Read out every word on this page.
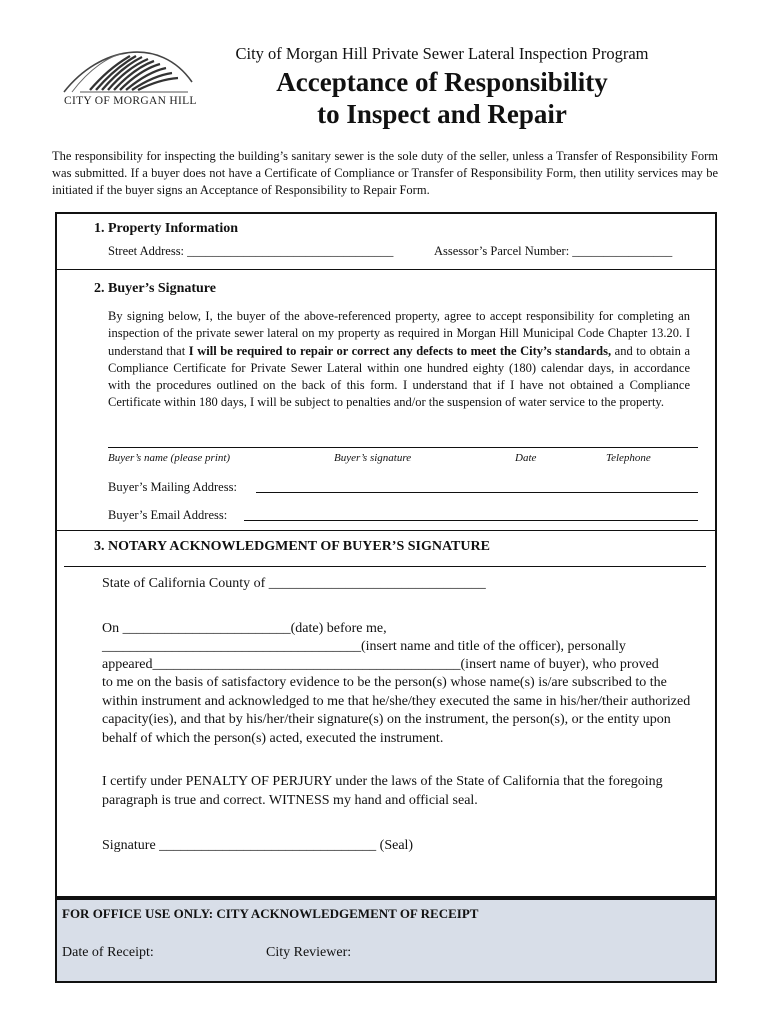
CITY OF MORGAN HILL
City of Morgan Hill Private Sewer Lateral Inspection Program
Acceptance of Responsibility
to Inspect and Repair
The responsibility for inspecting the building’s sanitary sewer is the sole duty of the seller, unless a Transfer of Responsibility Form was submitted. If a buyer does not have a Certificate of Compliance or Transfer of Responsibility Form, then utility services may be initiated if the buyer signs an Acceptance of Responsibility to Repair Form.
1. Property Information
Street Address: _________________________________	Assessor’s Parcel Number: ________________
2. Buyer’s Signature
By signing below, I, the buyer of the above-referenced property, agree to accept responsibility for completing an inspection of the private sewer lateral on my property as required in Morgan Hill Municipal Code Chapter 13.20. I understand that I will be required to repair or correct any defects to meet the City’s standards, and to obtain a Compliance Certificate for Private Sewer Lateral within one hundred eighty (180) calendar days, in accordance with the procedures outlined on the back of this form. I understand that if I have not obtained a Compliance Certificate within 180 days, I will be subject to penalties and/or the suspension of water service to the property.
Buyer’s name (please print)	Buyer’s signature	Date	Telephone
Buyer’s Mailing Address:
Buyer’s Email Address:
3. NOTARY ACKNOWLEDGMENT OF BUYER’S SIGNATURE
State of California County of _______________________________
On ________________________(date) before me,
_____________________________________(insert name and title of the officer), personally
appeared____________________________________________(insert name of buyer), who proved
to me on the basis of satisfactory evidence to be the person(s) whose name(s) is/are subscribed to the within instrument and acknowledged to me that he/she/they executed the same in his/her/their authorized capacity(ies), and that by his/her/their signature(s) on the instrument, the person(s), or the entity upon behalf of which the person(s) acted, executed the instrument.
I certify under PENALTY OF PERJURY under the laws of the State of California that the foregoing paragraph is true and correct. WITNESS my hand and official seal.
Signature _______________________________ (Seal)
FOR OFFICE USE ONLY: CITY ACKNOWLEDGEMENT OF RECEIPT
Date of Receipt:	City Reviewer:
